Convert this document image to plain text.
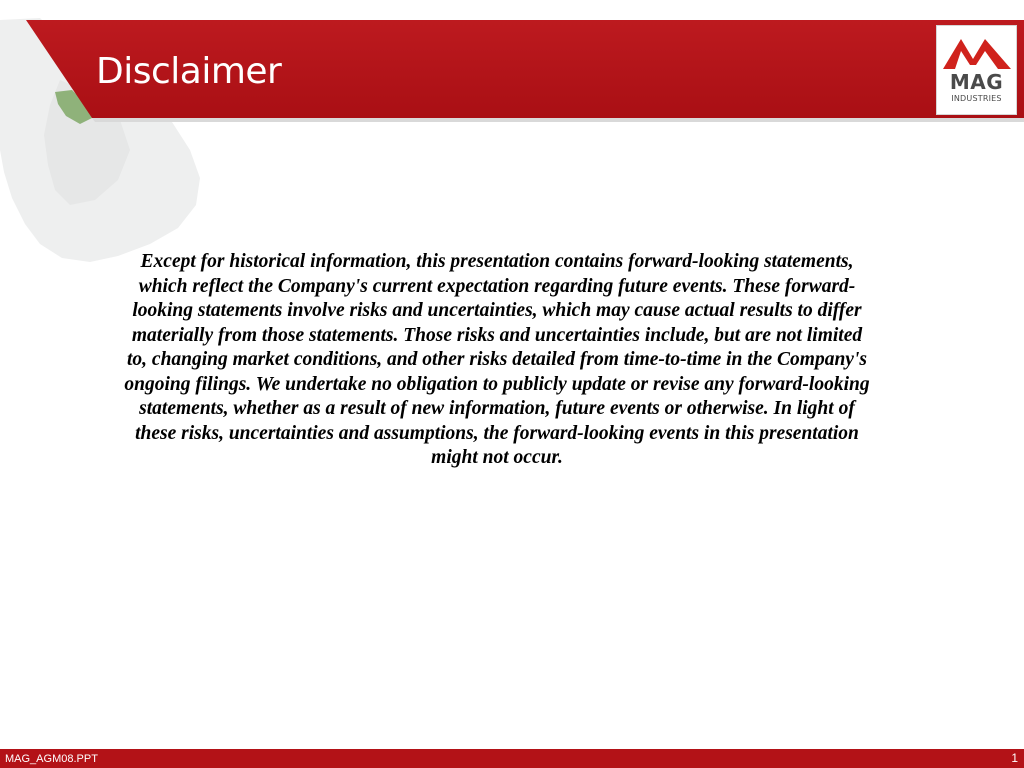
Disclaimer	MAG
INDUSTRIES

Except for historical information, this presentation contains forward-looking statements, which reflect the Company's current expectation regarding future events. These forward-looking statements involve risks and uncertainties, which may cause actual results to differ materially from those statements. Those risks and uncertainties include, but are not limited to, changing market conditions, and other risks detailed from time-to-time in the Company's ongoing filings. We undertake no obligation to publicly update or revise any forward-looking statements, whether as a result of new information, future events or otherwise. In light of these risks, uncertainties and assumptions, the forward-looking events in this presentation might not occur.

MAG_AGM08.PPT	1
